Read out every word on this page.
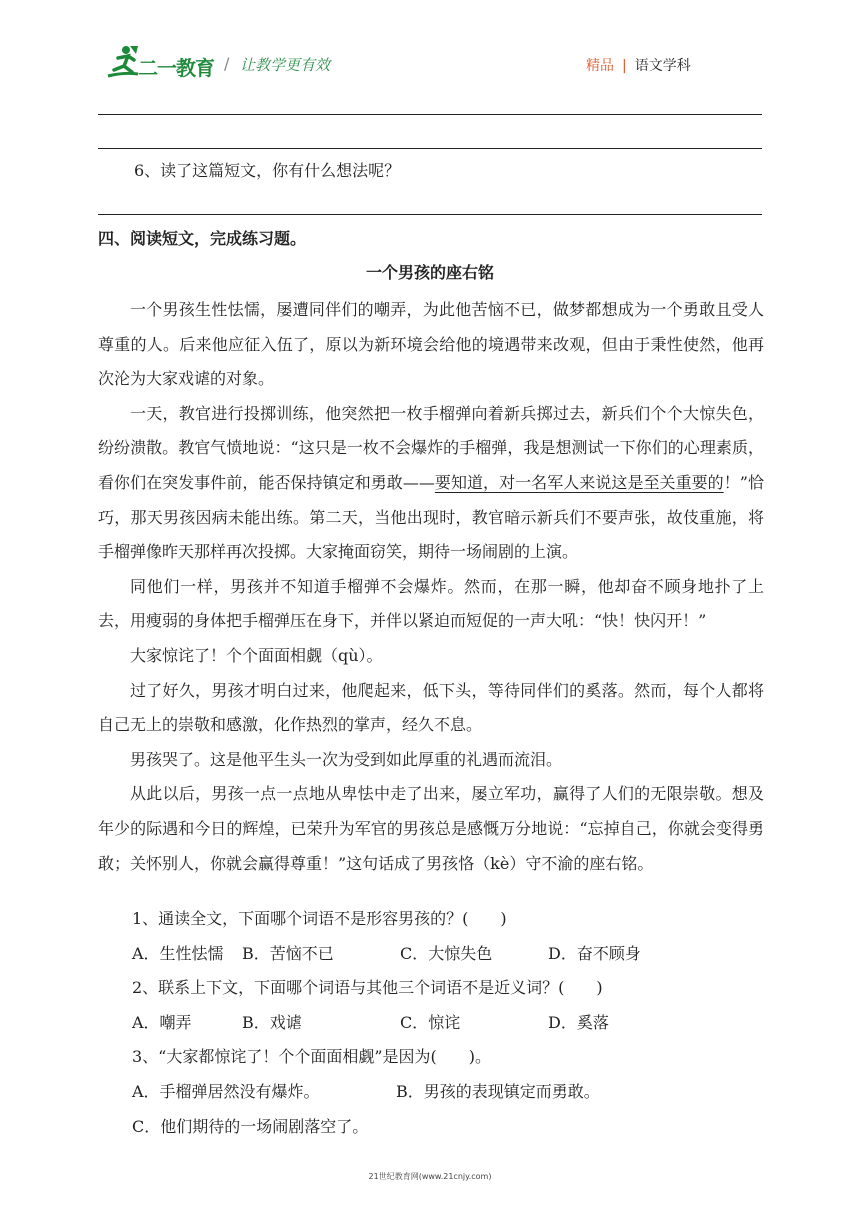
二一教育 / 让教学更有效	精品 | 语文学科
6、读了这篇短文，你有什么想法呢？
四、阅读短文，完成练习题。
一个男孩的座右铭

一个男孩生性怯懦，屡遭同伴们的嘲弄，为此他苦恼不已，做梦都想成为一个勇敢且受人尊重的人。后来他应征入伍了，原以为新环境会给他的境遇带来改观，但由于秉性使然，他再次沦为大家戏谑的对象。

一天，教官进行投掷训练，他突然把一枚手榴弹向着新兵掷过去，新兵们个个大惊失色，纷纷溃散。教官气愤地说：“这只是一枚不会爆炸的手榴弹，我是想测试一下你们的心理素质，看你们在突发事件前，能否保持镇定和勇敢——要知道，对一名军人来说这是至关重要的！”恰巧，那天男孩因病未能出练。第二天，当他出现时，教官暗示新兵们不要声张，故伎重施，将手榴弹像昨天那样再次投掷。大家掩面窃笑，期待一场闹剧的上演。

同他们一样，男孩并不知道手榴弹不会爆炸。然而，在那一瞬，他却奋不顾身地扑了上去，用瘦弱的身体把手榴弹压在身下，并伴以紧迫而短促的一声大吼：“快！快闪开！”

大家惊诧了！个个面面相觑（qù）。

过了好久，男孩才明白过来，他爬起来，低下头，等待同伴们的奚落。然而，每个人都将自己无上的崇敬和感激，化作热烈的掌声，经久不息。

男孩哭了。这是他平生头一次为受到如此厚重的礼遇而流泪。

从此以后，男孩一点一点地从卑怯中走了出来，屡立军功，赢得了人们的无限崇敬。想及年少的际遇和今日的辉煌，已荣升为军官的男孩总是感慨万分地说：“忘掉自己，你就会变得勇敢；关怀别人，你就会赢得尊重！”这句话成了男孩恪（kè）守不渝的座右铭。

1、通读全文，下面哪个词语不是形容男孩的？(　　)
A．生性怯懦 B．苦恼不已	C．大惊失色	D．奋不顾身
2、联系上下文，下面哪个词语与其他三个词语不是近义词？(　　)
A．嘲弄	B．戏谑	C．惊诧	D．奚落
3、“大家都惊诧了！个个面面相觑”是因为(　　)。
A．手榴弹居然没有爆炸。	B．男孩的表现镇定而勇敢。
C．他们期待的一场闹剧落空了。
21世纪教育网(www.21cnjy.com)
